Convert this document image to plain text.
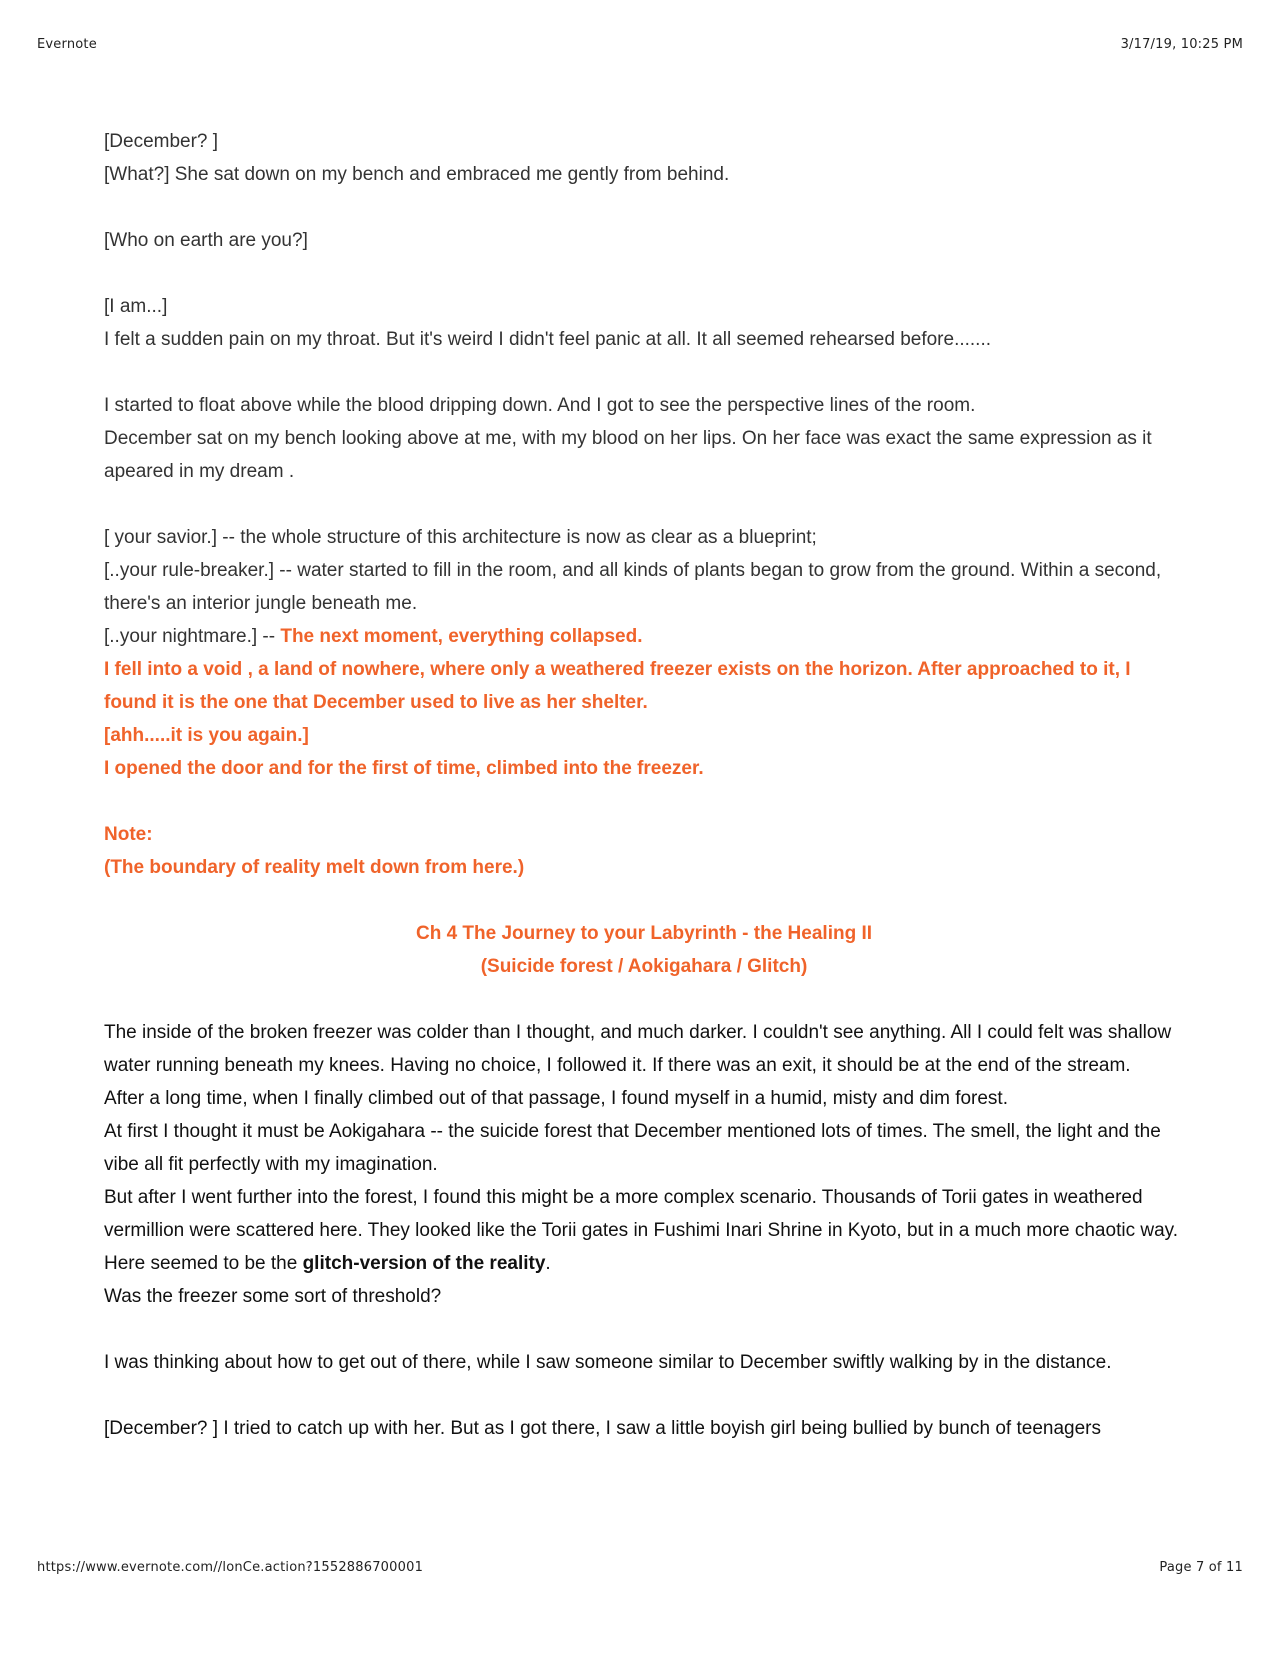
Evernote	3/17/19, 10:25 PM

[December? ]

[What?] She sat down on my bench and embraced me gently from behind.

[Who on earth are you?]

[I am...]

I felt a sudden pain on my throat. But it's weird I didn't feel panic at all. It all seemed rehearsed before.......

I started to float above while the blood dripping down. And I got to see the perspective lines of the room.

December sat on my bench looking above at me, with my blood on her lips. On her face was exact the same expression as it apeared in my dream .

[ your savior.] -- the whole structure of this architecture is now as clear as a blueprint;

[..your rule-breaker.] -- water started to fill in the room, and all kinds of plants began to grow from the ground. Within a second, there's an interior jungle beneath me.

[..your nightmare.] -- The next moment, everything collapsed.

I fell into a void , a land of nowhere, where only a weathered freezer exists on the horizon. After approached to it, I found it is the one that December used to live as her shelter.

[ahh.....it is you again.]

I opened the door and for the first of time, climbed into the freezer.

Note:

(The boundary of reality melt down from here.)

Ch 4 The Journey to your Labyrinth - the Healing II

(Suicide forest / Aokigahara / Glitch)

The inside of the broken freezer was colder than I thought, and much darker. I couldn't see anything. All I could felt was shallow water running beneath my knees. Having no choice, I followed it. If there was an exit, it should be at the end of the stream.

After a long time, when I finally climbed out of that passage, I found myself in a humid, misty and dim forest.

At first I thought it must be Aokigahara -- the suicide forest that December mentioned lots of times. The smell, the light and the vibe all fit perfectly with my imagination.

But after I went further into the forest, I found this might be a more complex scenario. Thousands of Torii gates in weathered vermillion were scattered here. They looked like the Torii gates in Fushimi Inari Shrine in Kyoto, but in a much more chaotic way. Here seemed to be the glitch-version of the reality.

Was the freezer some sort of threshold?

I was thinking about how to get out of there, while I saw someone similar to December swiftly walking by in the distance.

[December? ] I tried to catch up with her. But as I got there, I saw a little boyish girl being bullied by bunch of teenagers

https://www.evernote.com//lonCe.action?1552886700001	Page 7 of 11
